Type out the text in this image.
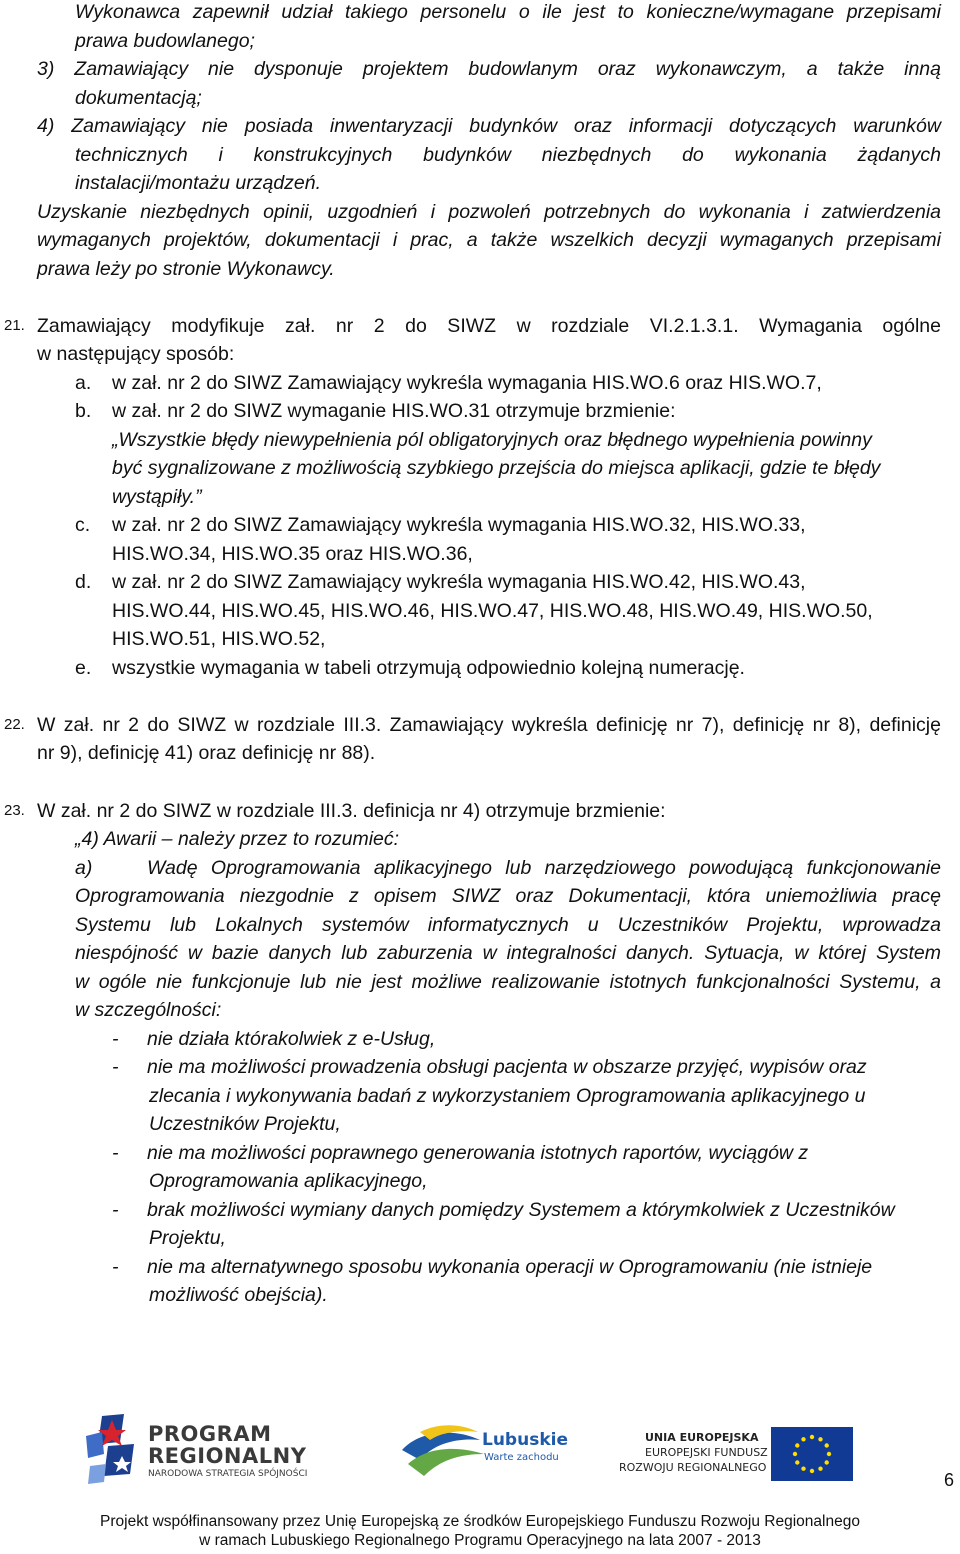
Wykonawca zapewnił udział takiego personelu o ile jest to konieczne/wymagane przepisami
prawa budowlanego;
3) Zamawiający nie dysponuje projektem budowlanym oraz wykonawczym, a także inną
dokumentacją;
4) Zamawiający nie posiada inwentaryzacji budynków oraz informacji dotyczących warunków
technicznych i konstrukcyjnych budynków niezbędnych do wykonania żądanych
instalacji/montażu urządzeń.
Uzyskanie niezbędnych opinii, uzgodnień i pozwoleń potrzebnych do wykonania i zatwierdzenia
wymaganych projektów, dokumentacji i prac, a także wszelkich decyzji wymaganych przepisami
prawa leży po stronie Wykonawcy.
21. Zamawiający modyfikuje zał. nr 2 do SIWZ w rozdziale VI.2.1.3.1. Wymagania ogólne
w następujący sposób:
a. w zał. nr 2 do SIWZ Zamawiający wykreśla wymagania HIS.WO.6 oraz HIS.WO.7,
b. w zał. nr 2 do SIWZ wymaganie HIS.WO.31 otrzymuje brzmienie:
„Wszystkie błędy niewypełnienia pól obligatoryjnych oraz błędnego wypełnienia powinny
być sygnalizowane z możliwością szybkiego przejścia do miejsca aplikacji, gdzie te błędy
wystąpiły.”
c. w zał. nr 2 do SIWZ Zamawiający wykreśla wymagania HIS.WO.32, HIS.WO.33,
HIS.WO.34, HIS.WO.35 oraz HIS.WO.36,
d. w zał. nr 2 do SIWZ Zamawiający wykreśla wymagania HIS.WO.42, HIS.WO.43,
HIS.WO.44, HIS.WO.45, HIS.WO.46, HIS.WO.47, HIS.WO.48, HIS.WO.49, HIS.WO.50,
HIS.WO.51, HIS.WO.52,
e. wszystkie wymagania w tabeli otrzymują odpowiednio kolejną numerację.
22. W zał. nr 2 do SIWZ w rozdziale III.3. Zamawiający wykreśla definicję nr 7), definicję nr 8), definicję
nr 9), definicję 41) oraz definicję nr 88).
23. W zał. nr 2 do SIWZ w rozdziale III.3. definicja nr 4) otrzymuje brzmienie:
„4) Awarii – należy przez to rozumieć:
a)	Wadę Oprogramowania aplikacyjnego lub narzędziowego powodującą funkcjonowanie
Oprogramowania niezgodnie z opisem SIWZ oraz Dokumentacji, która uniemożliwia pracę
Systemu lub Lokalnych systemów informatycznych u Uczestników Projektu, wprowadza
niespójność w bazie danych lub zaburzenia w integralności danych. Sytuacja, w której System
w ogóle nie funkcjonuje lub nie jest możliwe realizowanie istotnych funkcjonalności Systemu, a
w szczególności:
- nie działa którakolwiek z e-Usług,
- nie ma możliwości prowadzenia obsługi pacjenta w obszarze przyjęć, wypisów oraz
zlecania i wykonywania badań z wykorzystaniem Oprogramowania aplikacyjnego u
Uczestników Projektu,
- nie ma możliwości poprawnego generowania istotnych raportów, wyciągów z
Oprogramowania aplikacyjnego,
- brak możliwości wymiany danych pomiędzy Systemem a którymkolwiek z Uczestników
Projektu,
- nie ma alternatywnego sposobu wykonania operacji w Oprogramowaniu (nie istnieje
możliwość obejścia).
PROGRAM
REGIONALNY
NARODOWA STRATEGIA SPÓJNOŚCI
Lubuskie
Warte zachodu
UNIA EUROPEJSKA
EUROPEJSKI FUNDUSZ
ROZWOJU REGIONALNEGO
6
Projekt współfinansowany przez Unię Europejską ze środków Europejskiego Funduszu Rozwoju Regionalnego
w ramach Lubuskiego Regionalnego Programu Operacyjnego na lata 2007 - 2013
